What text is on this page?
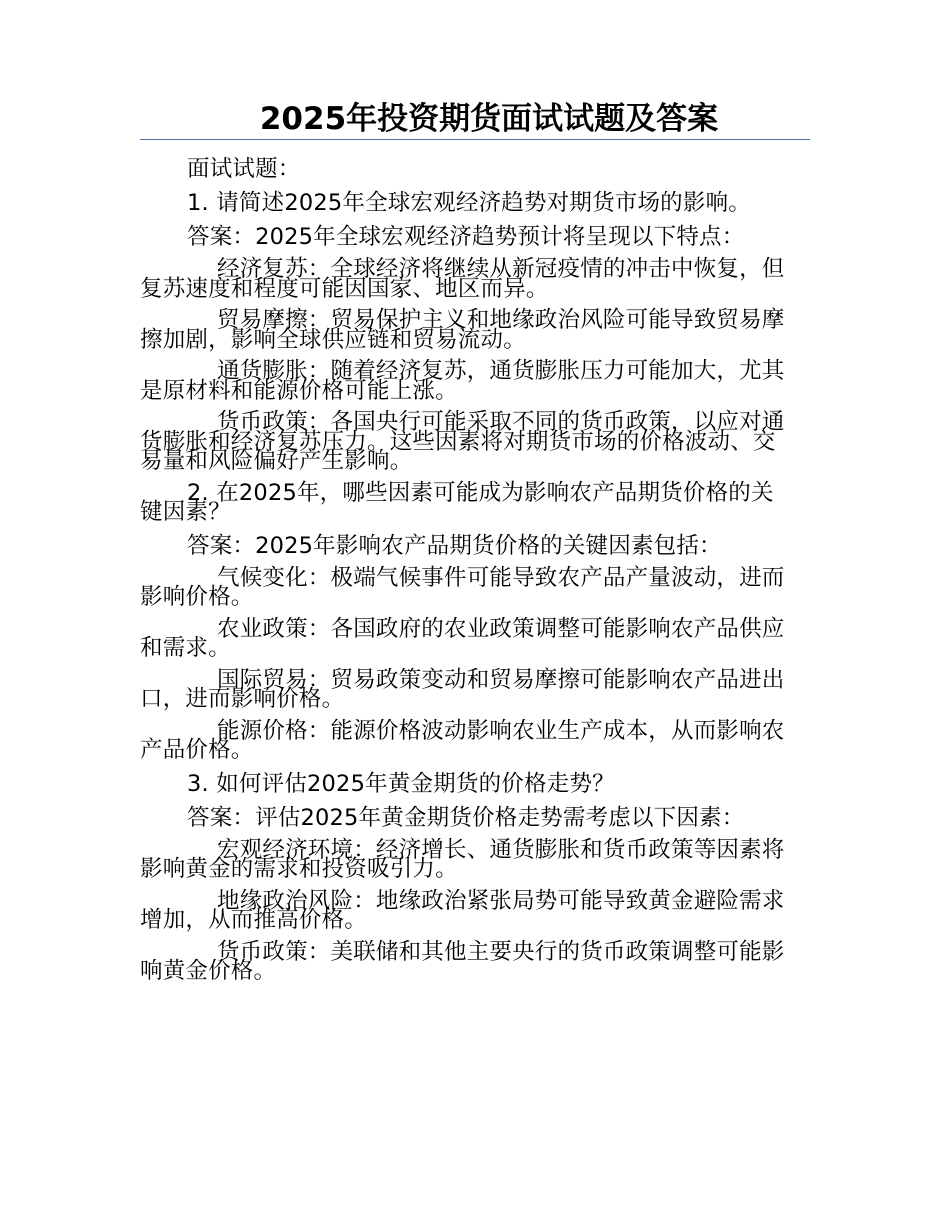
2025年投资期货面试试题及答案

面试试题：

1. 请简述2025年全球宏观经济趋势对期货市场的影响。

答案：2025年全球宏观经济趋势预计将呈现以下特点：

经济复苏：全球经济将继续从新冠疫情的冲击中恢复，但复苏速度和程度可能因国家、地区而异。

贸易摩擦：贸易保护主义和地缘政治风险可能导致贸易摩擦加剧，影响全球供应链和贸易流动。

通货膨胀：随着经济复苏，通货膨胀压力可能加大，尤其是原材料和能源价格可能上涨。

货币政策：各国央行可能采取不同的货币政策，以应对通货膨胀和经济复苏压力。这些因素将对期货市场的价格波动、交易量和风险偏好产生影响。

2. 在2025年，哪些因素可能成为影响农产品期货价格的关键因素？

答案：2025年影响农产品期货价格的关键因素包括：

气候变化：极端气候事件可能导致农产品产量波动，进而影响价格。

农业政策：各国政府的农业政策调整可能影响农产品供应和需求。

国际贸易：贸易政策变动和贸易摩擦可能影响农产品进出口，进而影响价格。

能源价格：能源价格波动影响农业生产成本，从而影响农产品价格。

3. 如何评估2025年黄金期货的价格走势？

答案：评估2025年黄金期货价格走势需考虑以下因素：

宏观经济环境：经济增长、通货膨胀和货币政策等因素将影响黄金的需求和投资吸引力。

地缘政治风险：地缘政治紧张局势可能导致黄金避险需求增加，从而推高价格。

货币政策：美联储和其他主要央行的货币政策调整可能影响黄金价格。
